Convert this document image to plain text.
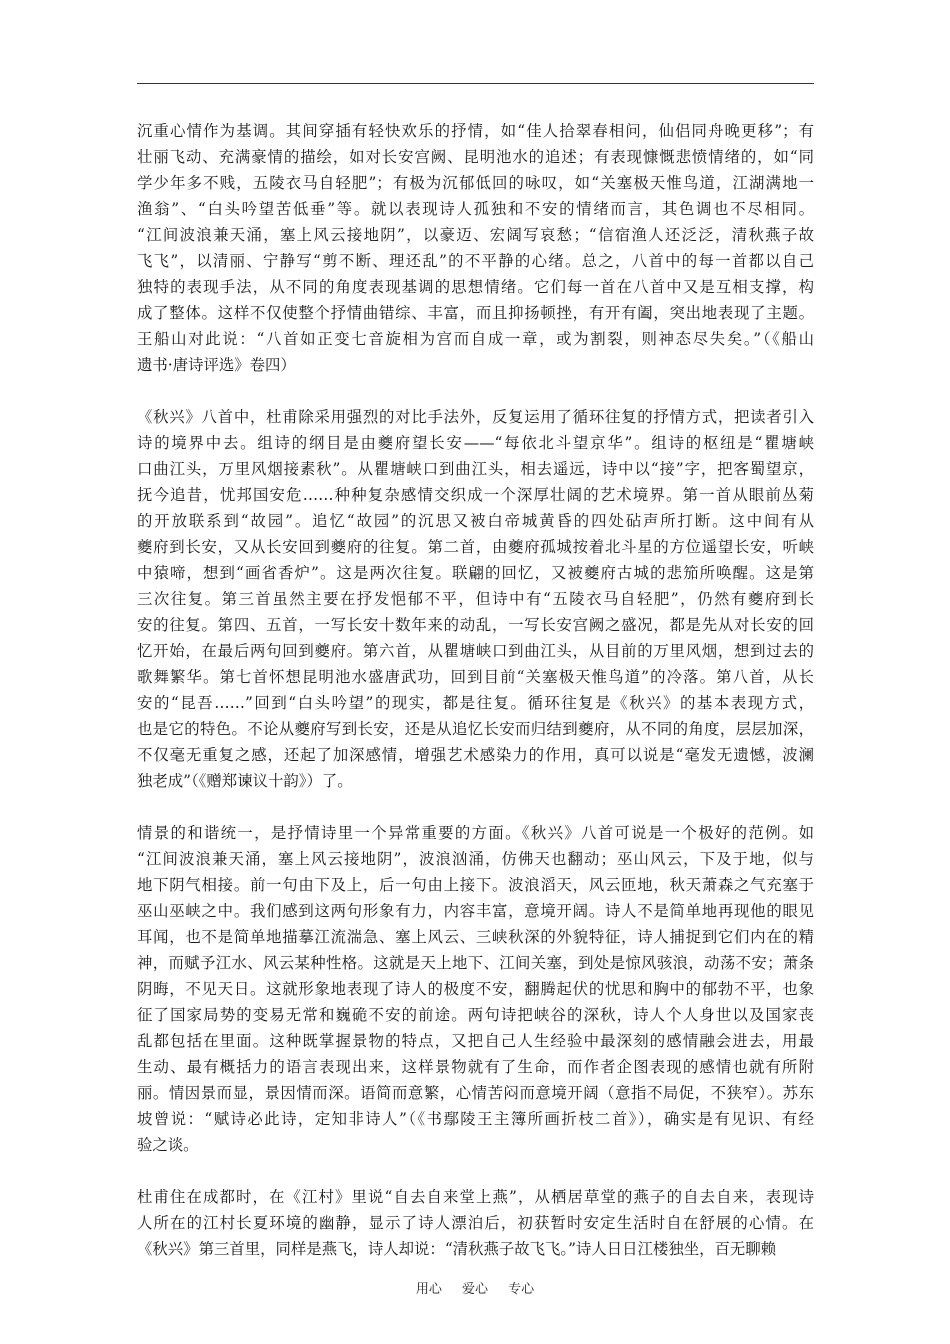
沉重心情作为基调。其间穿插有轻快欢乐的抒情，如“佳人拾翠春相问，仙侣同舟晚更移”；有
壮丽飞动、充满豪情的描绘，如对长安宫阙、昆明池水的追述；有表现慷慨悲愤情绪的，如“同
学少年多不贱，五陵衣马自轻肥”；有极为沉郁低回的咏叹，如“关塞极天惟鸟道，江湖满地一
渔翁”、“白头吟望苦低垂”等。就以表现诗人孤独和不安的情绪而言，其色调也不尽相同。
“江间波浪兼天涌，塞上风云接地阴”，以豪迈、宏阔写哀愁；“信宿渔人还泛泛，清秋燕子故
飞飞”，以清丽、宁静写“剪不断、理还乱”的不平静的心绪。总之，八首中的每一首都以自己
独特的表现手法，从不同的角度表现基调的思想情绪。它们每一首在八首中又是互相支撑，构
成了整体。这样不仅使整个抒情曲错综、丰富，而且抑扬顿挫，有开有阖，突出地表现了主题。
王船山对此说：“八首如正变七音旋相为宫而自成一章，或为割裂，则神态尽失矣。”（《船山
遗书·唐诗评选》卷四）
《秋兴》八首中，杜甫除采用强烈的对比手法外，反复运用了循环往复的抒情方式，把读者引入
诗的境界中去。组诗的纲目是由夔府望长安——“每依北斗望京华”。组诗的枢纽是“瞿塘峡
口曲江头，万里风烟接素秋”。从瞿塘峡口到曲江头，相去遥远，诗中以“接”字，把客蜀望京，
抚今追昔，忧邦国安危……种种复杂感情交织成一个深厚壮阔的艺术境界。第一首从眼前丛菊
的开放联系到“故园”。追忆“故园”的沉思又被白帝城黄昏的四处砧声所打断。这中间有从
夔府到长安，又从长安回到夔府的往复。第二首，由夔府孤城按着北斗星的方位遥望长安，听峡
中猿啼，想到“画省香炉”。这是两次往复。联翩的回忆，又被夔府古城的悲笳所唤醒。这是第
三次往复。第三首虽然主要在抒发悒郁不平，但诗中有“五陵衣马自轻肥”，仍然有夔府到长
安的往复。第四、五首，一写长安十数年来的动乱，一写长安宫阙之盛况，都是先从对长安的回
忆开始，在最后两句回到夔府。第六首，从瞿塘峡口到曲江头，从目前的万里风烟，想到过去的
歌舞繁华。第七首怀想昆明池水盛唐武功，回到目前“关塞极天惟鸟道”的冷落。第八首，从长
安的“昆吾……”回到“白头吟望”的现实，都是往复。循环往复是《秋兴》的基本表现方式，
也是它的特色。不论从夔府写到长安，还是从追忆长安而归结到夔府，从不同的角度，层层加深，
不仅毫无重复之感，还起了加深感情，增强艺术感染力的作用，真可以说是“毫发无遗憾，波澜
独老成”（《赠郑谏议十韵》）了。
情景的和谐统一，是抒情诗里一个异常重要的方面。《秋兴》八首可说是一个极好的范例。如
“江间波浪兼天涌，塞上风云接地阴”，波浪汹涌，仿佛天也翻动；巫山风云，下及于地，似与
地下阴气相接。前一句由下及上，后一句由上接下。波浪滔天，风云匝地，秋天萧森之气充塞于
巫山巫峡之中。我们感到这两句形象有力，内容丰富，意境开阔。诗人不是简单地再现他的眼见
耳闻，也不是简单地描摹江流湍急、塞上风云、三峡秋深的外貌特征，诗人捕捉到它们内在的精
神，而赋予江水、风云某种性格。这就是天上地下、江间关塞，到处是惊风骇浪，动荡不安；萧条
阴晦，不见天日。这就形象地表现了诗人的极度不安，翻腾起伏的忧思和胸中的郁勃不平，也象
征了国家局势的变易无常和巍硊不安的前途。两句诗把峡谷的深秋，诗人个人身世以及国家丧
乱都包括在里面。这种既掌握景物的特点，又把自己人生经验中最深刻的感情融会进去，用最
生动、最有概括力的语言表现出来，这样景物就有了生命，而作者企图表现的感情也就有所附
丽。情因景而显，景因情而深。语简而意繁，心情苦闷而意境开阔（意指不局促，不狭窄）。苏东
坡曾说：“赋诗必此诗，定知非诗人”（《书鄢陵王主簿所画折枝二首》），确实是有见识、有经
验之谈。
杜甫住在成都时，在《江村》里说“自去自来堂上燕”，从栖居草堂的燕子的自去自来，表现诗
人所在的江村长夏环境的幽静，显示了诗人漂泊后，初获暂时安定生活时自在舒展的心情。在
《秋兴》第三首里，同样是燕飞，诗人却说：“清秋燕子故飞飞。”诗人日日江楼独坐，百无聊赖
用心 爱心 专心
